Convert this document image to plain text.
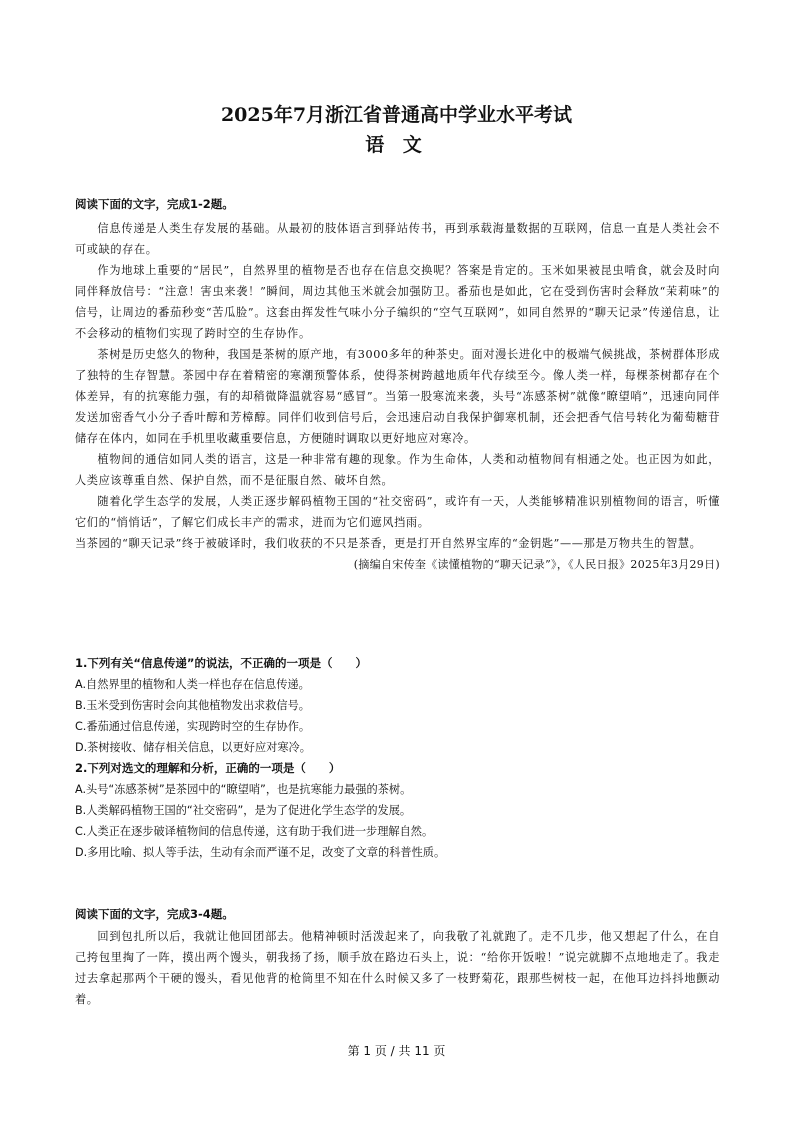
2025年7月浙江省普通高中学业水平考试
语 文
阅读下面的文字，完成1-2题。

信息传递是人类生存发展的基础。从最初的肢体语言到驿站传书，再到承载海量数据的互联网，信息一直是人类社会不可或缺的存在。

作为地球上重要的“居民”，自然界里的植物是否也存在信息交换呢？答案是肯定的。玉米如果被昆虫啃食，就会及时向同伴释放信号：“注意！害虫来袭！”瞬间，周边其他玉米就会加强防卫。番茄也是如此，它在受到伤害时会释放“茉莉味”的信号，让周边的番茄秒变“苦瓜脸”。这套由挥发性气味小分子编织的“空气互联网”，如同自然界的“聊天记录”传递信息，让不会移动的植物们实现了跨时空的生存协作。

茶树是历史悠久的物种，我国是茶树的原产地，有3000多年的种茶史。面对漫长进化中的极端气候挑战，茶树群体形成了独特的生存智慧。茶园中存在着精密的寒潮预警体系，使得茶树跨越地质年代存续至今。像人类一样，每棵茶树都存在个体差异，有的抗寒能力强，有的却稍微降温就容易“感冒”。当第一股寒流来袭，头号“冻感茶树”就像“瞭望哨”，迅速向同伴发送加密香气小分子香叶醇和芳樟醇。同伴们收到信号后，会迅速启动自我保护御寒机制，还会把香气信号转化为葡萄糖苷储存在体内，如同在手机里收藏重要信息，方便随时调取以更好地应对寒冷。

植物间的通信如同人类的语言，这是一种非常有趣的现象。作为生命体，人类和动植物间有相通之处。也正因为如此，人类应该尊重自然、保护自然，而不是征服自然、破坏自然。

随着化学生态学的发展，人类正逐步解码植物王国的“社交密码”，或许有一天，人类能够精准识别植物间的语言，听懂它们的“悄悄话”，了解它们成长丰产的需求，进而为它们遮风挡雨。

当茶园的“聊天记录”终于被破译时，我们收获的不只是茶香，更是打开自然界宝库的“金钥匙”——那是万物共生的智慧。

(摘编自宋传奎《读懂植物的“聊天记录”》，《人民日报》2025年3月29日)
1.下列有关“信息传递”的说法，不正确的一项是（　　）
A.自然界里的植物和人类一样也存在信息传递。
B.玉米受到伤害时会向其他植物发出求救信号。
C.番茄通过信息传递，实现跨时空的生存协作。
D.茶树接收、储存相关信息，以更好应对寒冷。
2.下列对选文的理解和分析，正确的一项是（　　）
A.头号“冻感茶树”是茶园中的“瞭望哨”，也是抗寒能力最强的茶树。
B.人类解码植物王国的“社交密码”，是为了促进化学生态学的发展。
C.人类正在逐步破译植物间的信息传递，这有助于我们进一步理解自然。
D.多用比喻、拟人等手法，生动有余而严谨不足，改变了文章的科普性质。
阅读下面的文字，完成3-4题。

回到包扎所以后，我就让他回团部去。他精神顿时活泼起来了，向我敬了礼就跑了。走不几步，他又想起了什么，在自己挎包里掏了一阵，摸出两个馒头，朝我扬了扬，顺手放在路边石头上，说：“给你开饭啦！”说完就脚不点地地走了。我走过去拿起那两个干硬的馒头，看见他背的枪筒里不知在什么时候又多了一枝野菊花，跟那些树枝一起，在他耳边抖抖地颤动着。

第 1 页 / 共 11 页
